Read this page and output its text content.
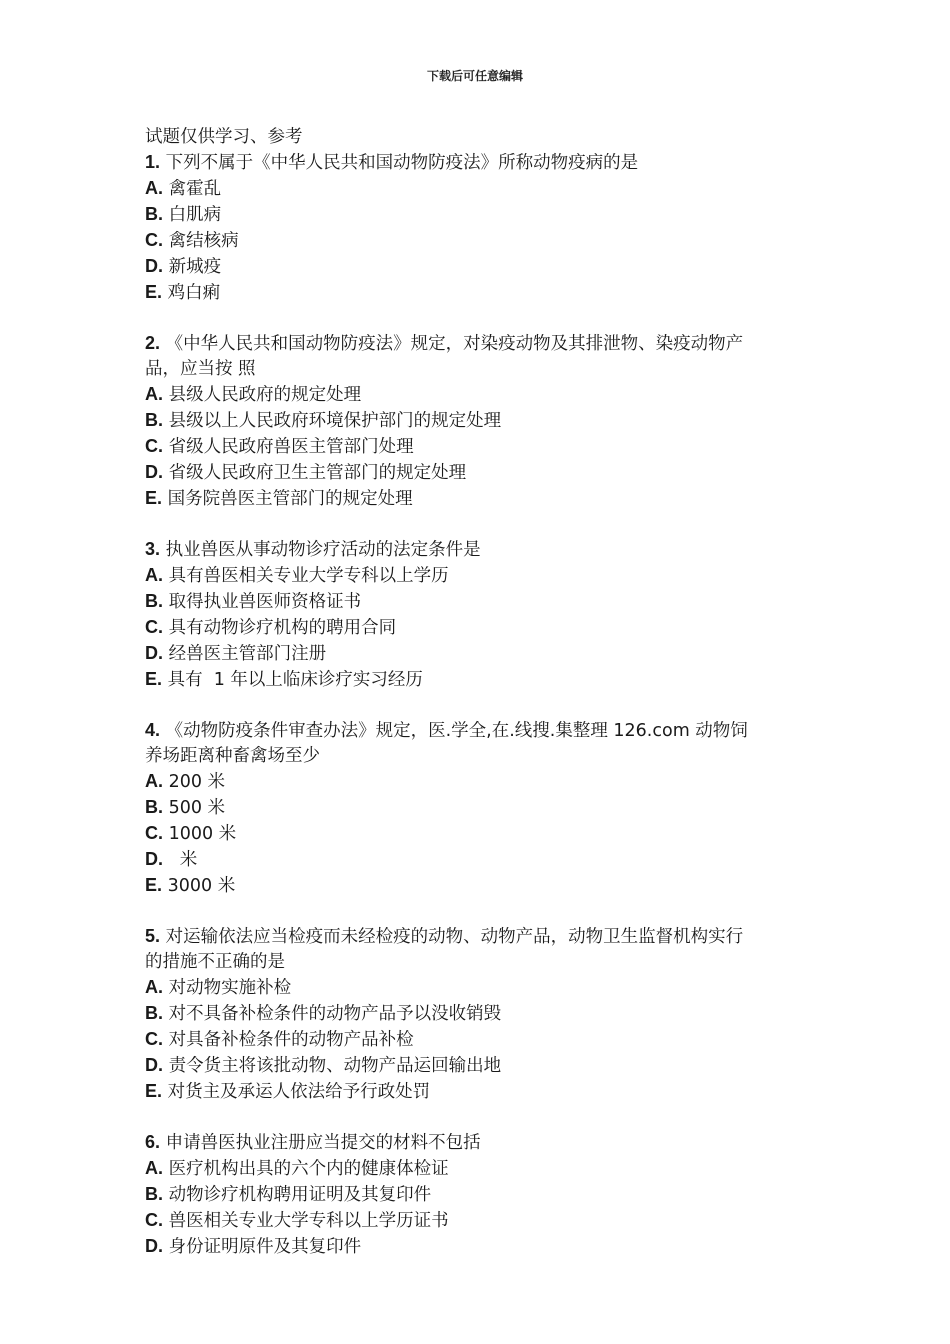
下载后可任意编辑
试题仅供学习、参考
1. 下列不属于《中华人民共和国动物防疫法》所称动物疫病的是
A. 禽霍乱
B. 白肌病
C. 禽结核病
D. 新城疫
E. 鸡白痢
2. 《中华人民共和国动物防疫法》规定，对染疫动物及其排泄物、染疫动物产
品，应当按 照
A. 县级人民政府的规定处理
B. 县级以上人民政府环境保护部门的规定处理
C. 省级人民政府兽医主管部门处理
D. 省级人民政府卫生主管部门的规定处理
E. 国务院兽医主管部门的规定处理
3. 执业兽医从事动物诊疗活动的法定条件是
A. 具有兽医相关专业大学专科以上学历
B. 取得执业兽医师资格证书
C. 具有动物诊疗机构的聘用合同
D. 经兽医主管部门注册
E. 具有  1 年以上临床诊疗实习经历
4. 《动物防疫条件审查办法》规定，医.学全,在.线搜.集整理 126.com 动物饲
养场距离种畜禽场至少
A. 200 米
B. 500 米
C. 1000 米
D.   米
E. 3000 米
5. 对运输依法应当检疫而未经检疫的动物、动物产品，动物卫生监督机构实行
的措施不正确的是
A. 对动物实施补检
B. 对不具备补检条件的动物产品予以没收销毁
C. 对具备补检条件的动物产品补检
D. 责令货主将该批动物、动物产品运回输出地
E. 对货主及承运人依法给予行政处罚
6. 申请兽医执业注册应当提交的材料不包括
A. 医疗机构出具的六个内的健康体检证
B. 动物诊疗机构聘用证明及其复印件
C. 兽医相关专业大学专科以上学历证书
D. 身份证明原件及其复印件
